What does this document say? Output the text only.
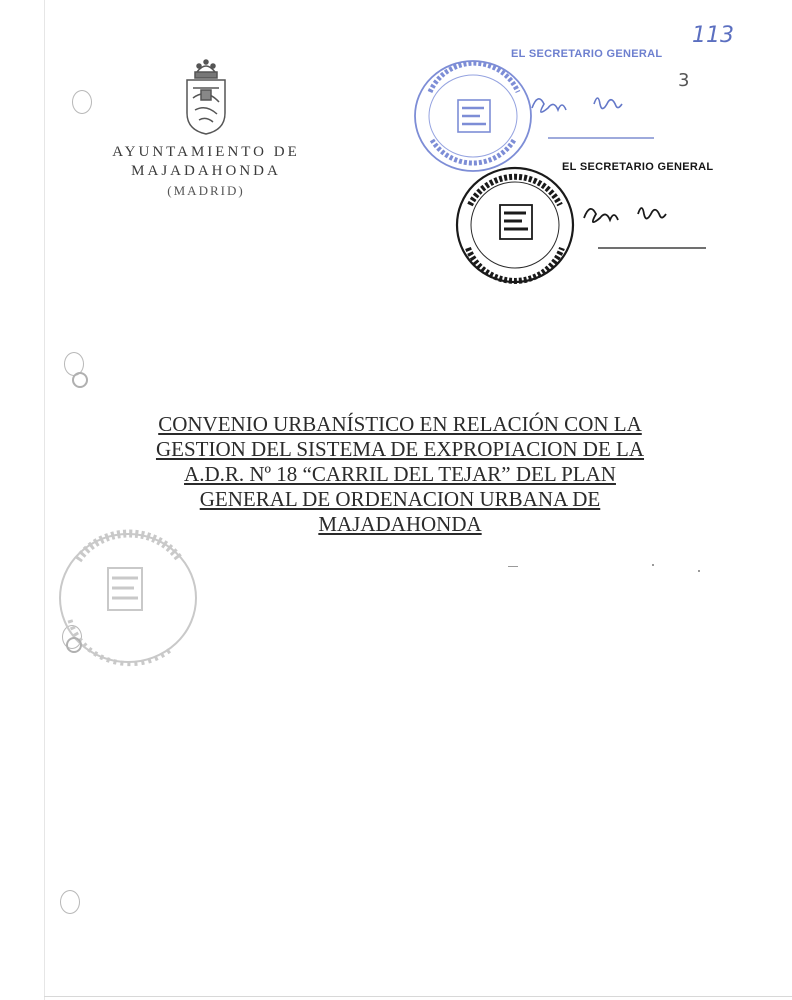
AYUNTAMIENTO DE
MAJADAHONDA
(MADRID)
113
3
EL SECRETARIO GENERAL
EL SECRETARIO GENERAL
CONVENIO URBANÍSTICO EN RELACIÓN CON LA
GESTION DEL SISTEMA DE EXPROPIACION DE LA
A.D.R. Nº 18 “CARRIL DEL TEJAR” DEL PLAN
GENERAL DE ORDENACION URBANA DE
MAJADAHONDA
